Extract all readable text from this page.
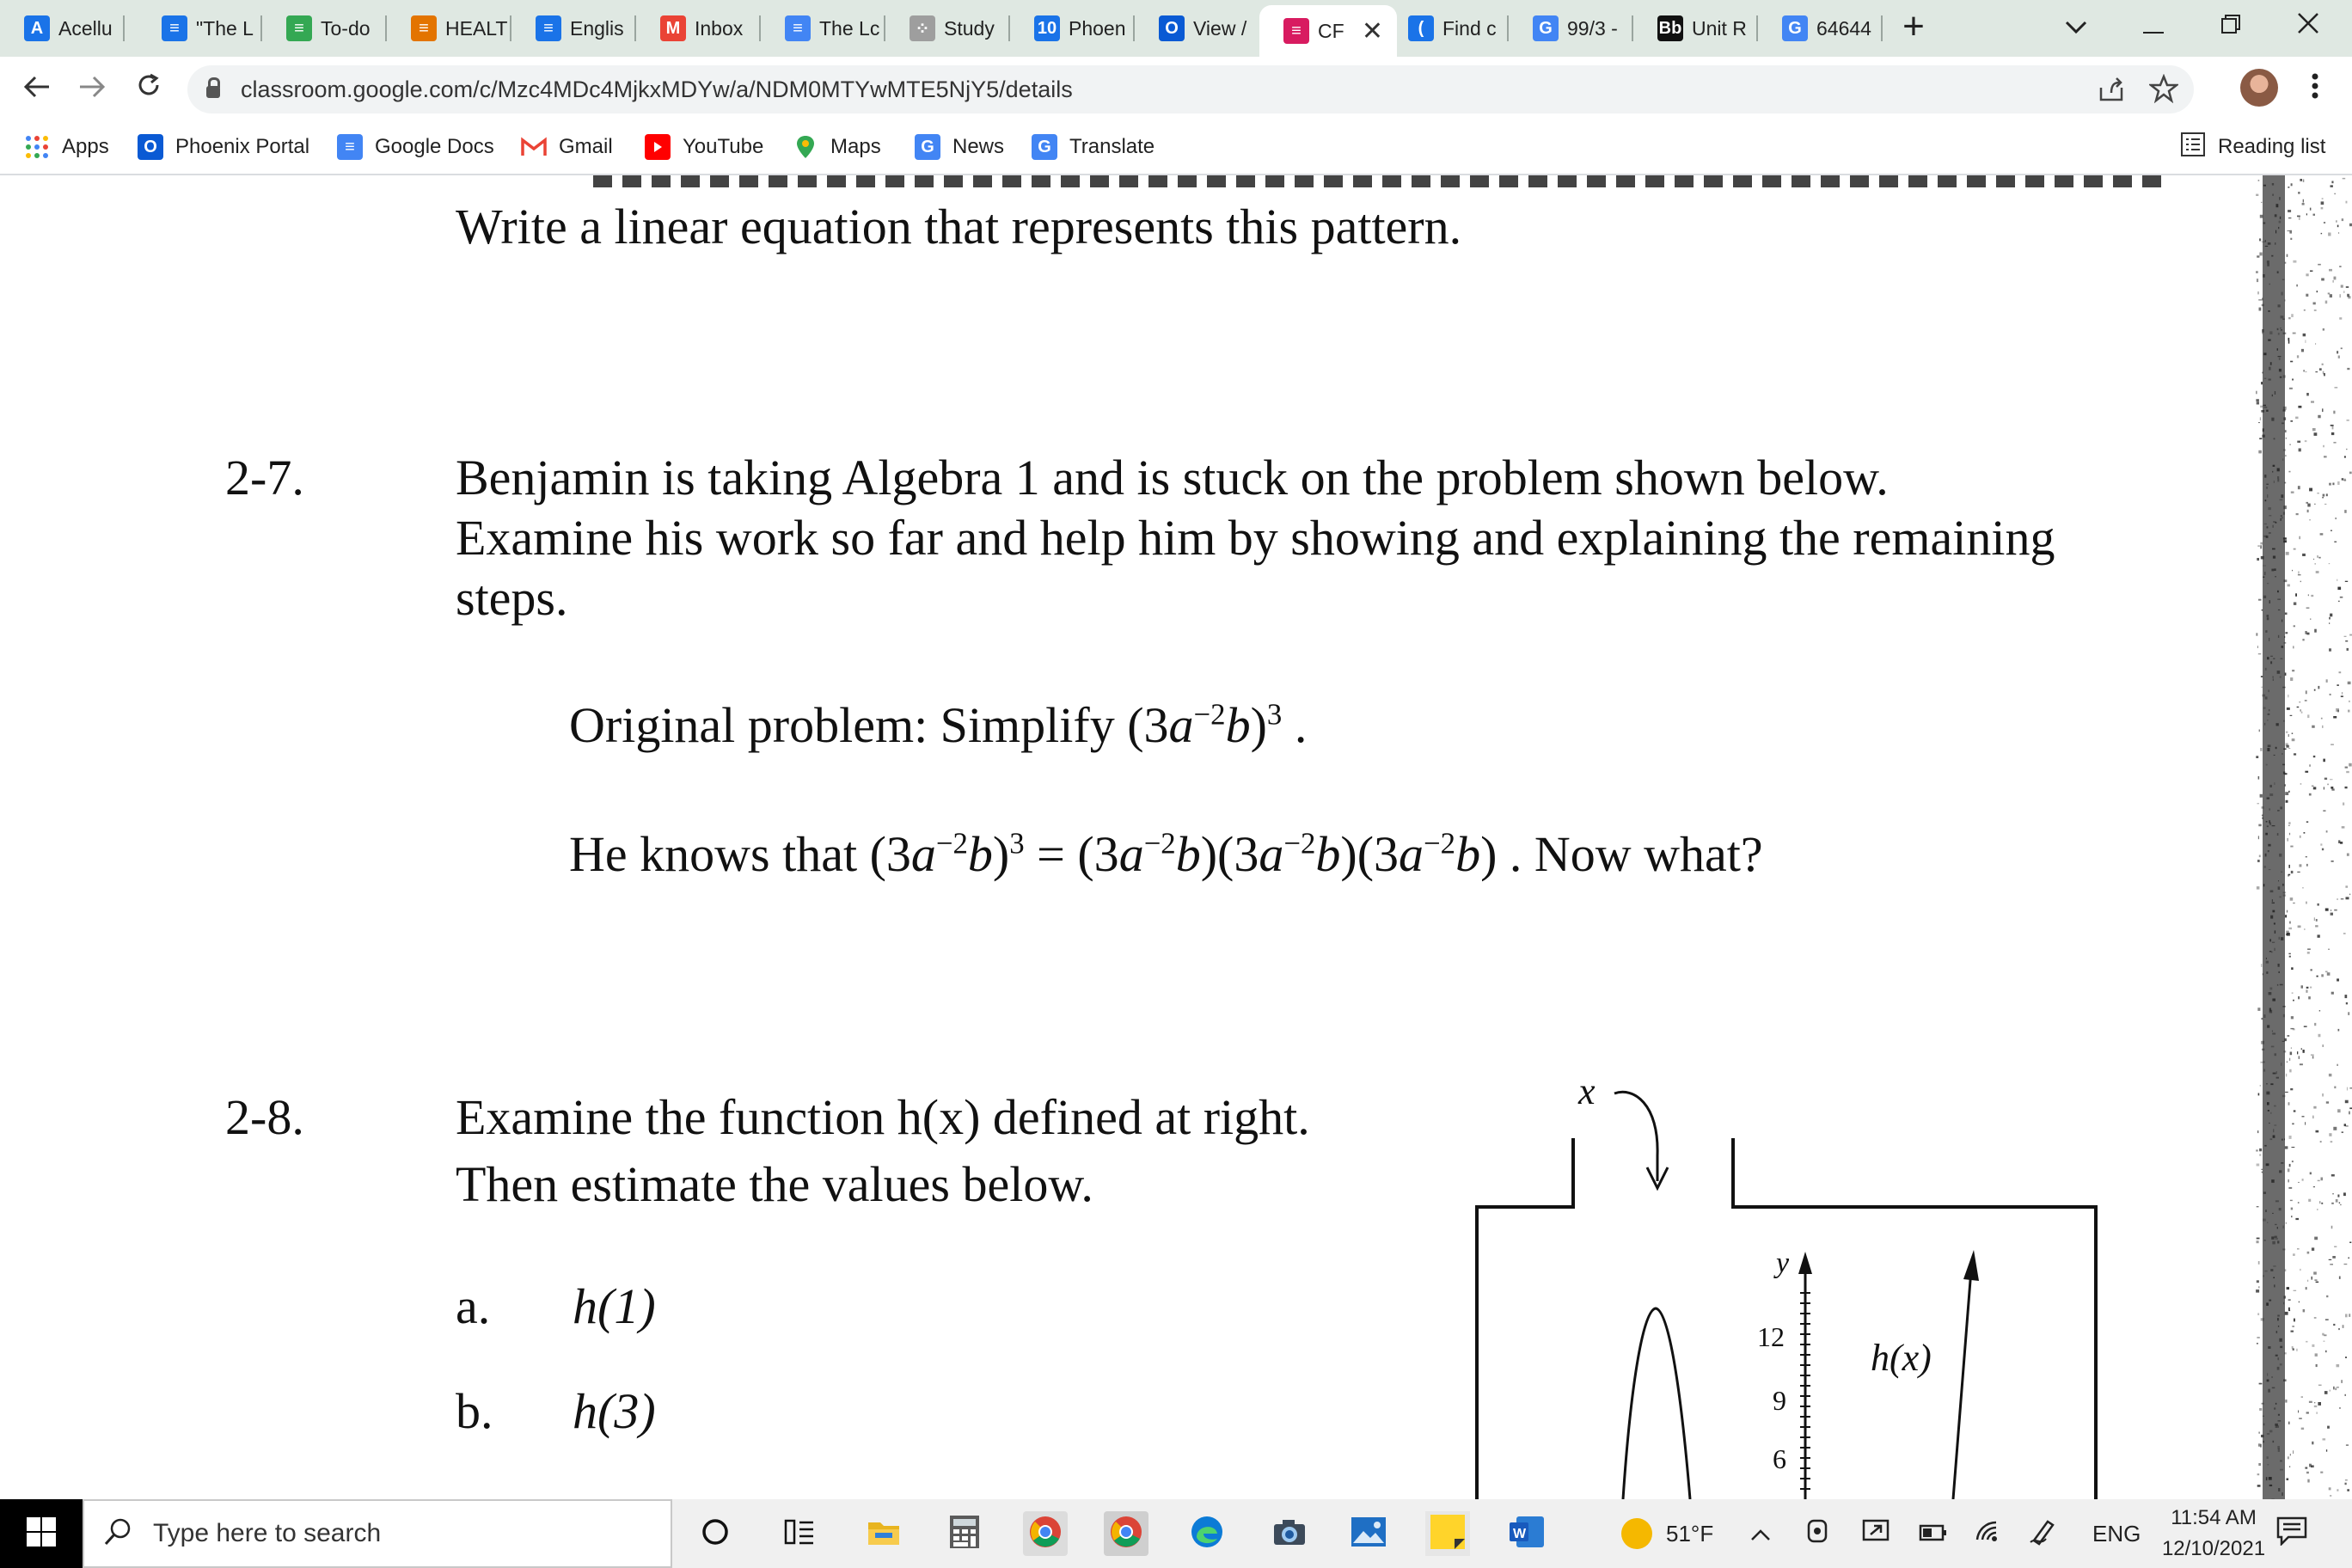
A Acellu	≡ "The L	≡ To-do	≡ HEALT	≡ Englis	M Inbox	≡ The Lc	⁘ Study	10 Phoen	O View /	≡ CF ✕	( Find c	G 99/3 - Bb Unit R	G 64644 +
classroom.google.com/c/Mzc4MDc4MjkxMDYw/a/NDM0MTYwMTE5NjY5/details
Apps	O Phoenix Portal	≡ Google Docs	Gmail	YouTube	Maps	G News	G Translate	Reading list
Write a linear equation that represents this pattern.
2-7.	Benjamin is taking Algebra 1 and is stuck on the problem shown below.
Examine his work so far and help him by showing and explaining the remaining
steps.
Original problem: Simplify $(3a^{-2}b)^3$ .
He knows that $(3a^{-2}b)^3 = (3a^{-2}b)(3a^{-2}b)(3a^{-2}b)$ . Now what?
2-8.	Examine the function h(x) defined at right.
Then estimate the values below.
a. h(1)
b. h(3)
x
y
12
9
6
h(x)
Type here to search	W	51°F	ENG
11:54 AM
12/10/2021
